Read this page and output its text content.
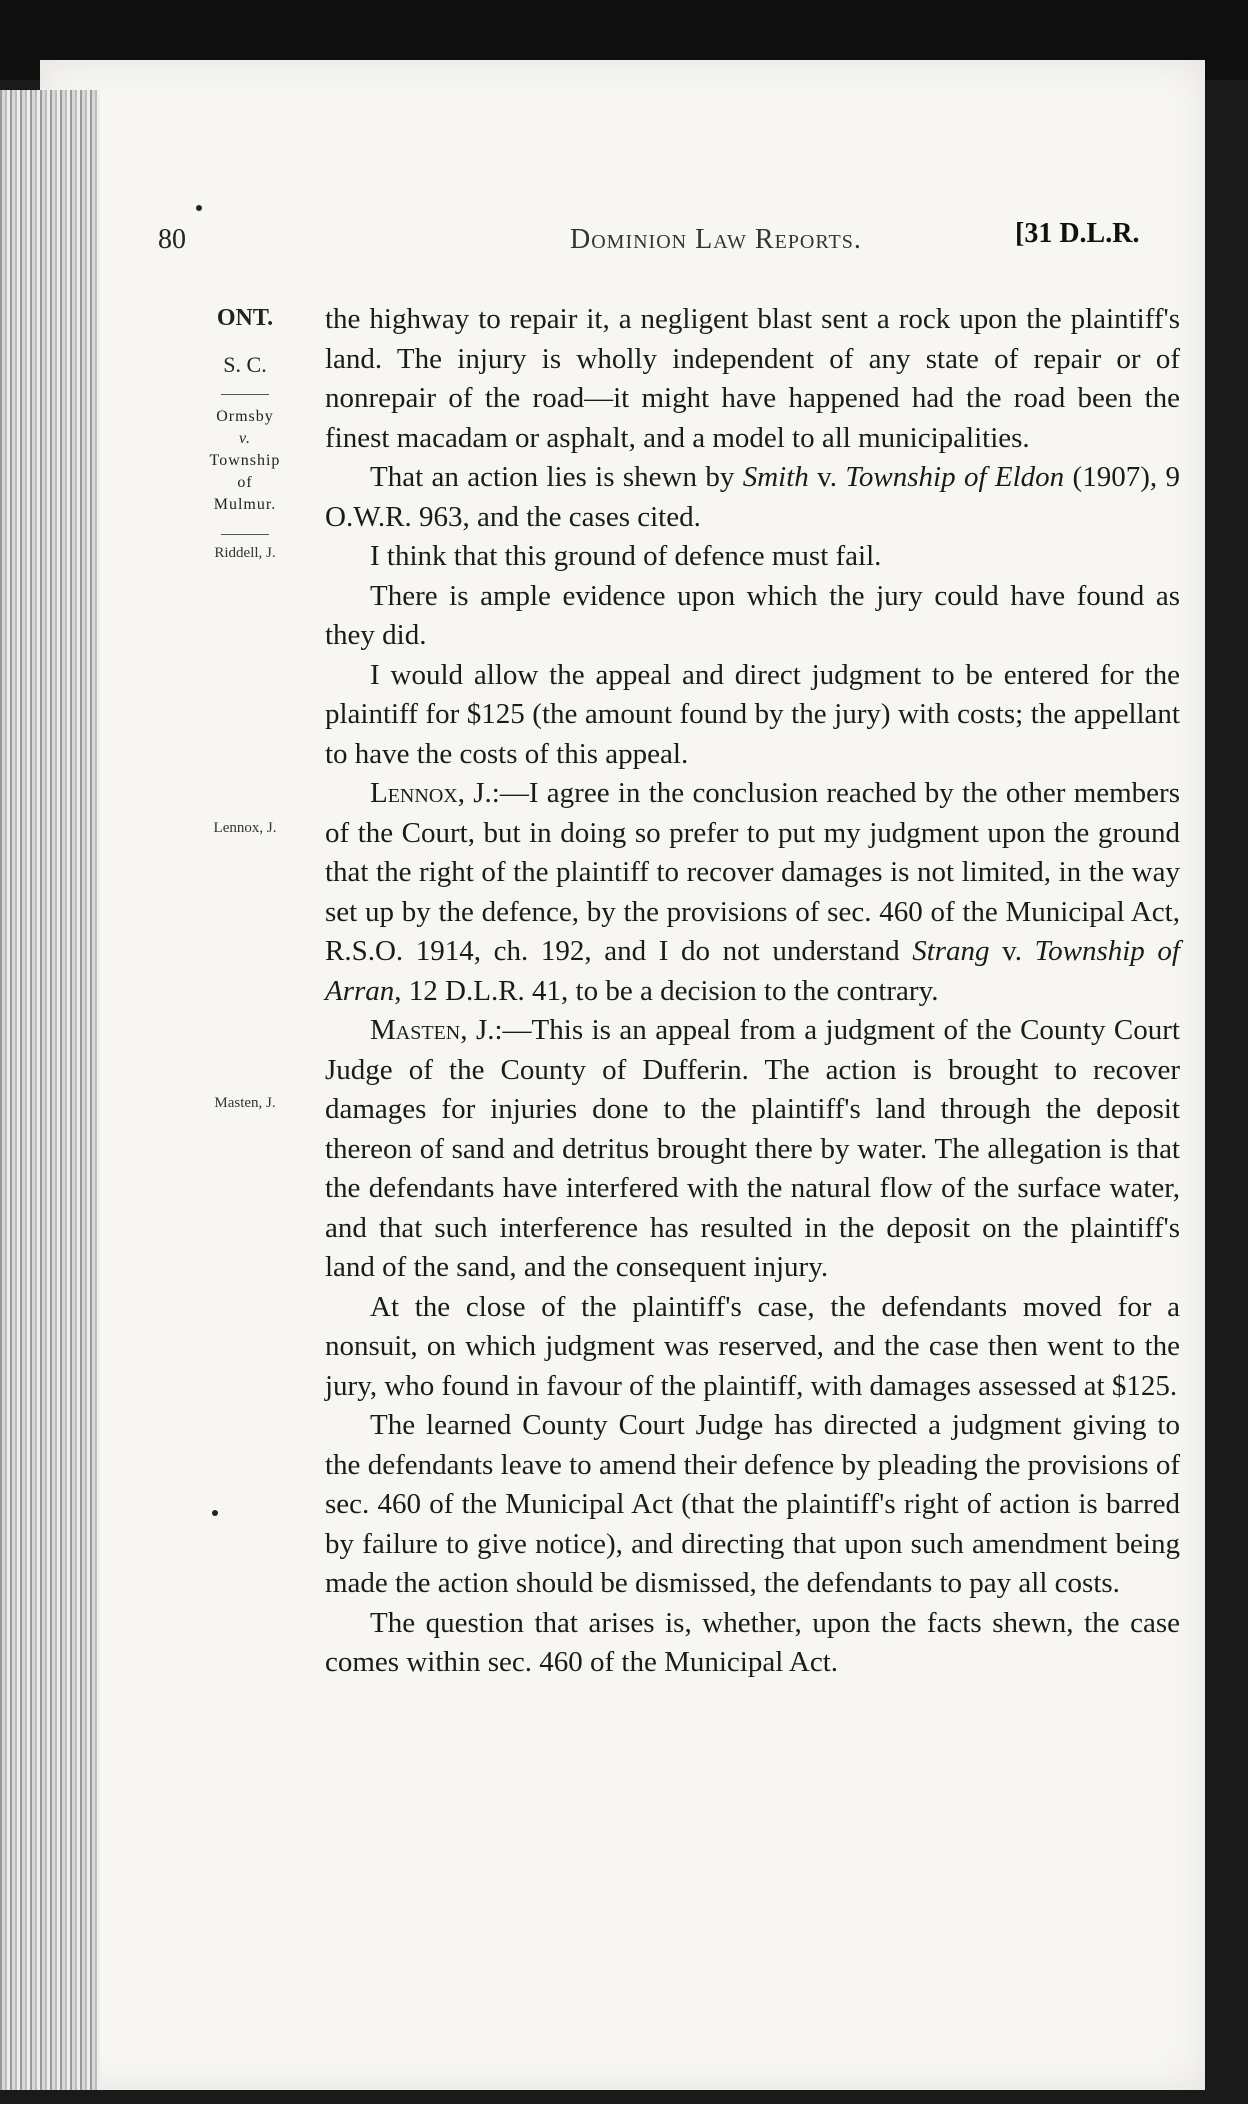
80	Dominion Law Reports.	[31 D.L.R.
ONT.
S. C.
Ormsby
v.
Township
of
Mulmur.
Riddell, J.
Lennox, J.
Masten, J.

the highway to repair it, a negligent blast sent a rock upon the plaintiff's land. The injury is wholly independent of any state of repair or of nonrepair of the road—it might have happened had the road been the finest macadam or asphalt, and a model to all municipalities.

That an action lies is shewn by Smith v. Township of Eldon (1907), 9 O.W.R. 963, and the cases cited.

I think that this ground of defence must fail.

There is ample evidence upon which the jury could have found as they did.

I would allow the appeal and direct judgment to be entered for the plaintiff for $125 (the amount found by the jury) with costs; the appellant to have the costs of this appeal.

Lennox, J.:—I agree in the conclusion reached by the other members of the Court, but in doing so prefer to put my judgment upon the ground that the right of the plaintiff to recover damages is not limited, in the way set up by the defence, by the provisions of sec. 460 of the Municipal Act, R.S.O. 1914, ch. 192, and I do not understand Strang v. Township of Arran, 12 D.L.R. 41, to be a decision to the contrary.

Masten, J.:—This is an appeal from a judgment of the County Court Judge of the County of Dufferin. The action is brought to recover damages for injuries done to the plaintiff's land through the deposit thereon of sand and detritus brought there by water. The allegation is that the defendants have interfered with the natural flow of the surface water, and that such interference has resulted in the deposit on the plaintiff's land of the sand, and the consequent injury.

At the close of the plaintiff's case, the defendants moved for a nonsuit, on which judgment was reserved, and the case then went to the jury, who found in favour of the plaintiff, with damages assessed at $125.

The learned County Court Judge has directed a judgment giving to the defendants leave to amend their defence by pleading the provisions of sec. 460 of the Municipal Act (that the plaintiff's right of action is barred by failure to give notice), and directing that upon such amendment being made the action should be dismissed, the defendants to pay all costs.

The question that arises is, whether, upon the facts shewn, the case comes within sec. 460 of the Municipal Act.
